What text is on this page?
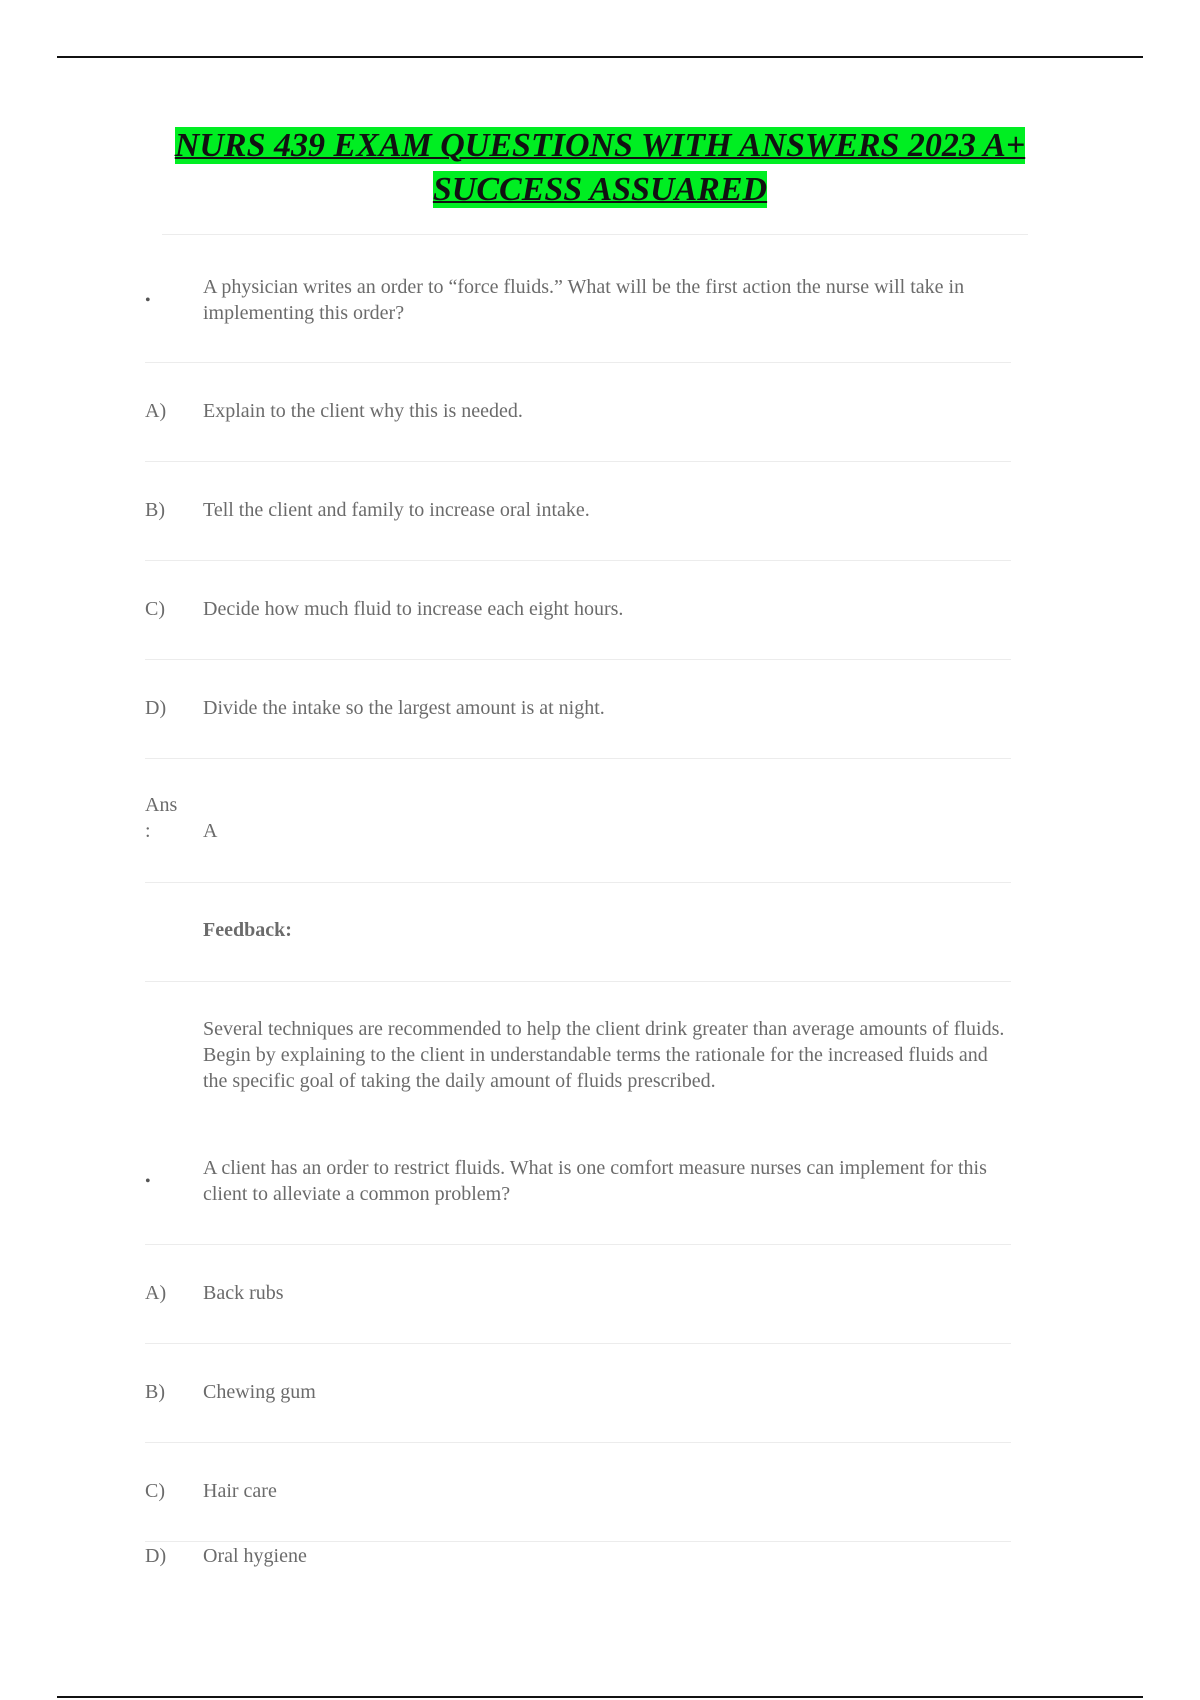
NURS 439 EXAM QUESTIONS WITH ANSWERS 2023 A+
SUCCESS ASSUARED
•
A physician writes an order to “force fluids.” What will be the first action the nurse will take in implementing this order?
A)	Explain to the client why this is needed.
B)	Tell the client and family to increase oral intake.
C)	Decide how much fluid to increase each eight hours.
D)	Divide the intake so the largest amount is at night.
Ans
:	A
Feedback:
Several techniques are recommended to help the client drink greater than average amounts of fluids. Begin by explaining to the client in understandable terms the rationale for the increased fluids and the specific goal of taking the daily amount of fluids prescribed.
•
A client has an order to restrict fluids. What is one comfort measure nurses can implement for this client to alleviate a common problem?
A)	Back rubs
B)	Chewing gum
C)	Hair care
D)	Oral hygiene
